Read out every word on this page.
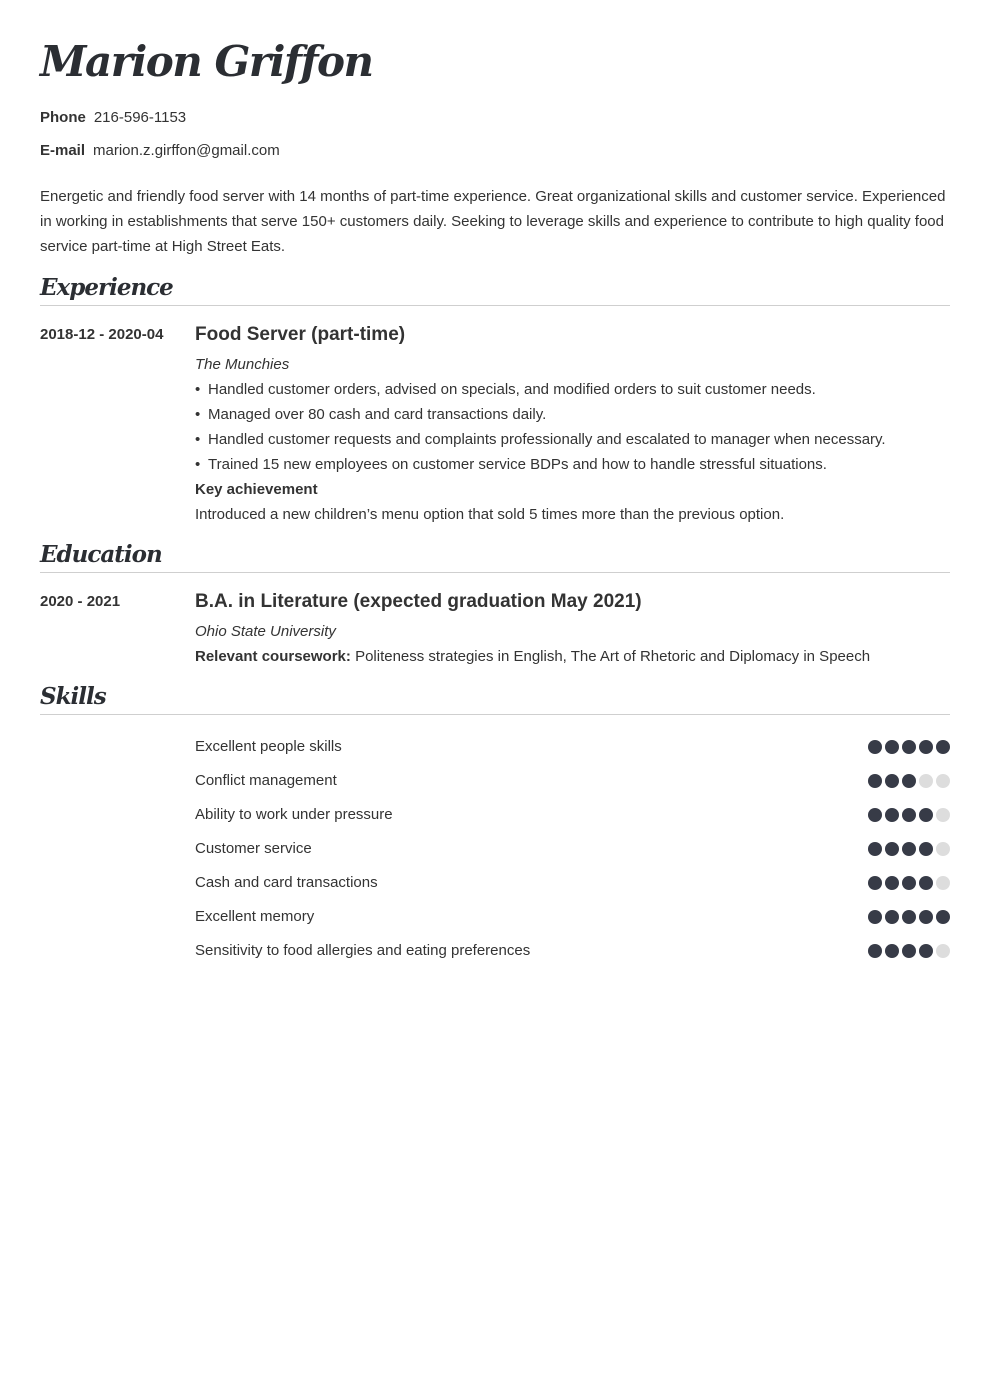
Marion Griffon
Phone 216-596-1153
E-mail marion.z.girffon@gmail.com

Energetic and friendly food server with 14 months of part-time experience. Great organizational skills and customer service. Experienced in working in establishments that serve 150+ customers daily. Seeking to leverage skills and experience to contribute to high quality food service part-time at High Street Eats.

Experience
2018-12 - 2020-04 Food Server (part-time)
The Munchies
• Handled customer orders, advised on specials, and modified orders to suit customer needs.
• Managed over 80 cash and card transactions daily.
• Handled customer requests and complaints professionally and escalated to manager when necessary.
• Trained 15 new employees on customer service BDPs and how to handle stressful situations.
Key achievement
Introduced a new children’s menu option that sold 5 times more than the previous option.
Education
2020 - 2021	B.A. in Literature (expected graduation May 2021)
Ohio State University
Relevant coursework: Politeness strategies in English, The Art of Rhetoric and Diplomacy in Speech
Skills
Excellent people skills
Conflict management
Ability to work under pressure
Customer service
Cash and card transactions
Excellent memory
Sensitivity to food allergies and eating preferences
